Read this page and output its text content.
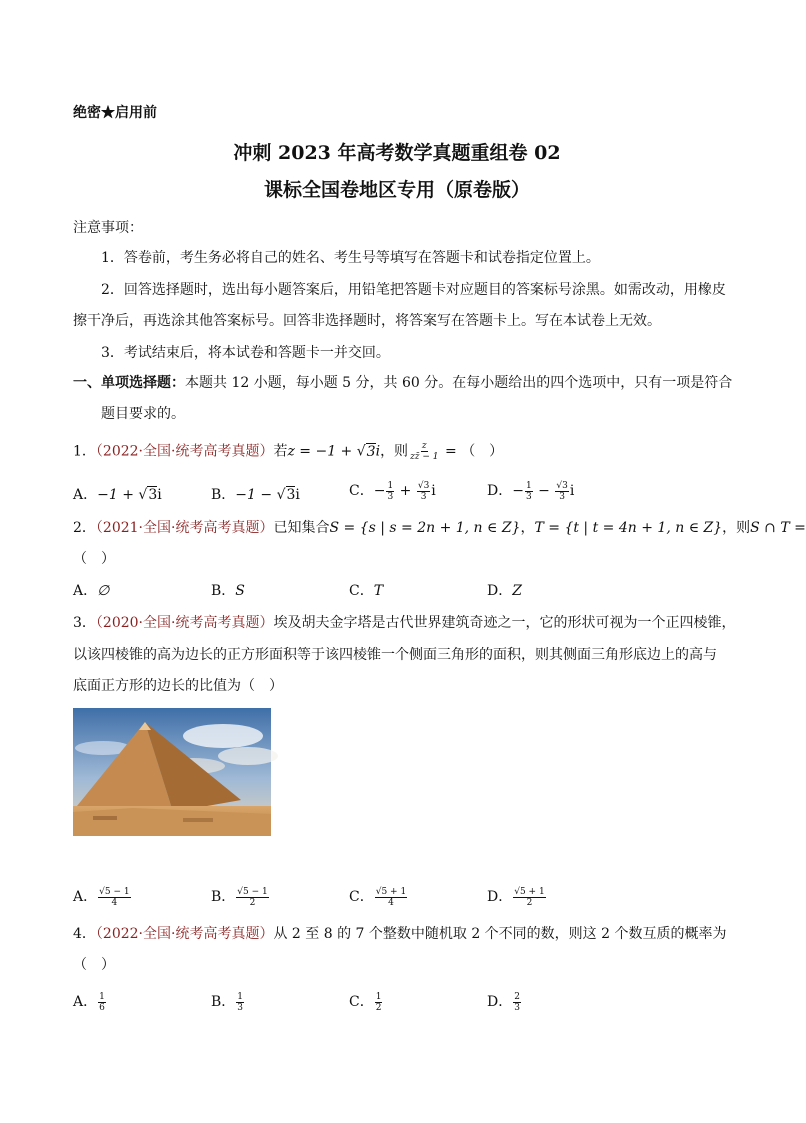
绝密★启用前
冲刺 2023 年高考数学真题重组卷 02
课标全国卷地区专用（原卷版）
注意事项：
1．答卷前，考生务必将自己的姓名、考生号等填写在答题卡和试卷指定位置上。
2．回答选择题时，选出每小题答案后，用铅笔把答题卡对应题目的答案标号涂黑。如需改动，用橡皮
擦干净后，再选涂其他答案标号。回答非选择题时，将答案写在答题卡上。写在本试卷上无效。
3．考试结束后，将本试卷和答题卡一并交回。
一、单项选择题：本题共 12 小题，每小题 5 分，共 60 分。在每小题给出的四个选项中，只有一项是符合
题目要求的。
1．（2022·全国·统考高考真题）若z = −1 + √3i，则 $\frac{z}{zz̄ - 1}$ = （　）
A．−1 + √3i	B．−1 − √3i	C．− $\frac{1}{3} + \frac{√3}{3}$ i	D．− $\frac{1}{3} - \frac{√3}{3}$ i
2．（2021·全国·统考高考真题）已知集合S = {s | s = 2n + 1, n ∈ Z}，T = {t | t = 4n + 1, n ∈ Z}，则S ∩ T =
（　）
A．∅	B．S	C．T	D．Z
3．（2020·全国·统考高考真题）埃及胡夫金字塔是古代世界建筑奇迹之一，它的形状可视为一个正四棱锥，
以该四棱锥的高为边长的正方形面积等于该四棱锥一个侧面三角形的面积，则其侧面三角形底边上的高与
底面正方形的边长的比值为（　）
A． $\frac{√5 - 1}{4}$	B． $\frac{√5 - 1}{2}$	C． $\frac{√5 + 1}{4}$	D． $\frac{√5 + 1}{2}$
4．（2022·全国·统考高考真题）从 2 至 8 的 7 个整数中随机取 2 个不同的数，则这 2 个数互质的概率为
（　）
A． $\frac{1}{6}$	B． $\frac{1}{3}$	C． $\frac{1}{2}$	D． $\frac{2}{3}$
